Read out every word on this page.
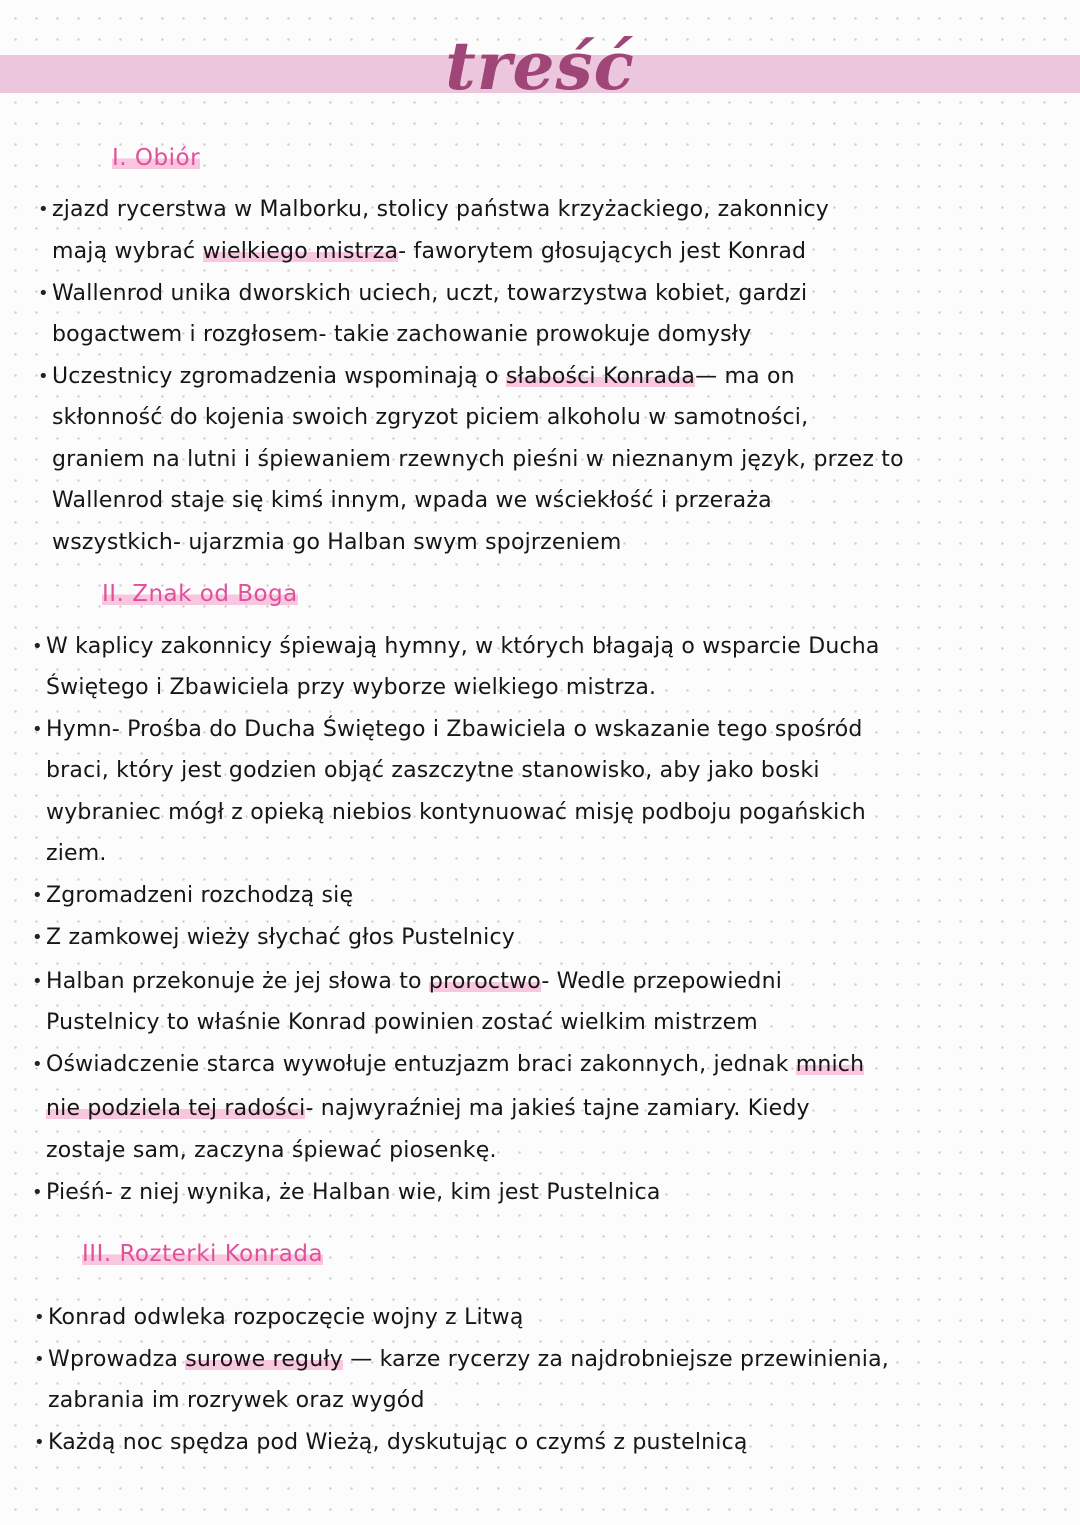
treść
I. Obiór
• zjazd rycerstwa w Malborku, stolicy państwa krzyżackiego, zakonnicy

mają wybrać wielkiego mistrza- faworytem głosujących jest Konrad

• Wallenrod unika dworskich uciech, uczt, towarzystwa kobiet, gardzi

bogactwem i rozgłosem- takie zachowanie prowokuje domysły

• Uczestnicy zgromadzenia wspominają o słabości Konrada— ma on

skłonność do kojenia swoich zgryzot piciem alkoholu w samotności,

graniem na lutni i śpiewaniem rzewnych pieśni w nieznanym język, przez to

Wallenrod staje się kimś innym, wpada we wściekłość i przeraża

wszystkich- ujarzmia go Halban swym spojrzeniem

II. Znak od Boga
• W kaplicy zakonnicy śpiewają hymny, w których błagają o wsparcie Ducha

Świętego i Zbawiciela przy wyborze wielkiego mistrza.

• Hymn- Prośba do Ducha Świętego i Zbawiciela o wskazanie tego spośród

braci, który jest godzien objąć zaszczytne stanowisko, aby jako boski

wybraniec mógł z opieką niebios kontynuować misję podboju pogańskich

ziem.

• Zgromadzeni rozchodzą się

• Z zamkowej wieży słychać głos Pustelnicy

• Halban przekonuje że jej słowa to proroctwo- Wedle przepowiedni

Pustelnicy to właśnie Konrad powinien zostać wielkim mistrzem

• Oświadczenie starca wywołuje entuzjazm braci zakonnych, jednak mnich

nie podziela tej radości- najwyraźniej ma jakieś tajne zamiary. Kiedy

zostaje sam, zaczyna śpiewać piosenkę.

• Pieśń- z niej wynika, że Halban wie, kim jest Pustelnica

III. Rozterki Konrada
• Konrad odwleka rozpoczęcie wojny z Litwą

• Wprowadza surowe reguły — karze rycerzy za najdrobniejsze przewinienia,

zabrania im rozrywek oraz wygód

• Każdą noc spędza pod Wieżą, dyskutując o czymś z pustelnicą
